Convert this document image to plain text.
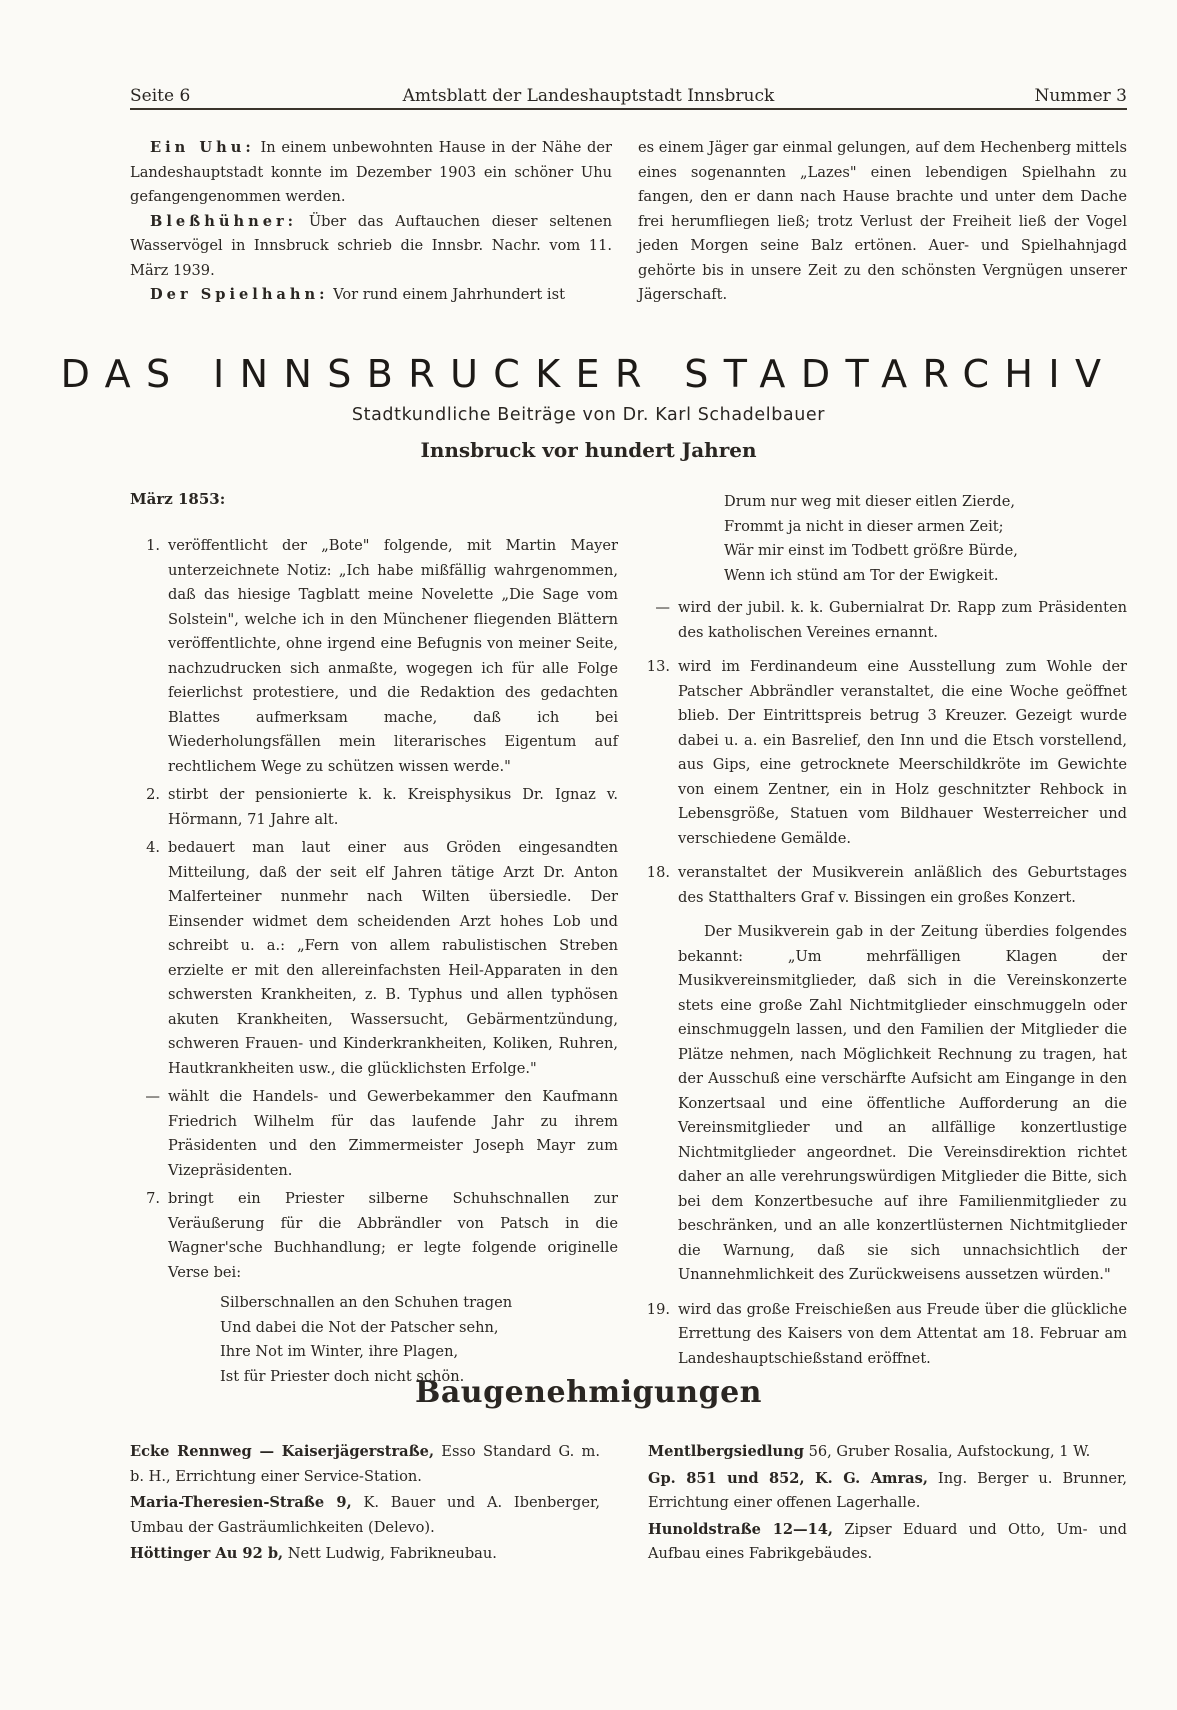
Seite 6	Amtsblatt der Landeshauptstadt Innsbruck	Nummer 3

Ein Uhu: In einem unbewohnten Hause in der Nähe der Landeshauptstadt konnte im Dezember 1903 ein schöner Uhu gefangengenommen werden.

Bleßhühner: Über das Auftauchen dieser seltenen Wasservögel in Innsbruck schrieb die Innsbr. Nachr. vom 11. März 1939.

Der Spielhahn: Vor rund einem Jahrhundert ist

es einem Jäger gar einmal gelungen, auf dem Hechenberg mittels eines sogenannten „Lazes" einen lebendigen Spielhahn zu fangen, den er dann nach Hause brachte und unter dem Dache frei herumfliegen ließ; trotz Verlust der Freiheit ließ der Vogel jeden Morgen seine Balz ertönen. Auer- und Spielhahnjagd gehörte bis in unsere Zeit zu den schönsten Vergnügen unserer Jägerschaft.

DAS INNSBRUCKER STADTARCHIV
Stadtkundliche Beiträge von Dr. Karl Schadelbauer
Innsbruck vor hundert Jahren
März 1853:
1. veröffentlicht der „Bote" folgende, mit Martin Mayer unterzeichnete Notiz: „Ich habe mißfällig wahrgenommen, daß das hiesige Tagblatt meine Novelette „Die Sage vom Solstein", welche ich in den Münchener fliegenden Blättern veröffentlichte, ohne irgend eine Befugnis von meiner Seite, nachzudrucken sich anmaßte, wogegen ich für alle Folge feierlichst protestiere, und die Redaktion des gedachten Blattes aufmerksam mache, daß ich bei Wiederholungsfällen mein literarisches Eigentum auf rechtlichem Wege zu schützen wissen werde."
2. stirbt der pensionierte k. k. Kreisphysikus Dr. Ignaz v. Hörmann, 71 Jahre alt.
4. bedauert man laut einer aus Gröden eingesandten Mitteilung, daß der seit elf Jahren tätige Arzt Dr. Anton Malferteiner nunmehr nach Wilten übersiedle. Der Einsender widmet dem scheidenden Arzt hohes Lob und schreibt u. a.: „Fern von allem rabulistischen Streben erzielte er mit den allereinfachsten Heil-Apparaten in den schwersten Krankheiten, z. B. Typhus und allen typhösen akuten Krankheiten, Wassersucht, Gebärmentzündung, schweren Frauen- und Kinderkrankheiten, Koliken, Ruhren, Hautkrankheiten usw., die glücklichsten Erfolge."
— wählt die Handels- und Gewerbekammer den Kaufmann Friedrich Wilhelm für das laufende Jahr zu ihrem Präsidenten und den Zimmermeister Joseph Mayr zum Vizepräsidenten.
7. bringt ein Priester silberne Schuhschnallen zur Veräußerung für die Abbrändler von Patsch in die Wagner'sche Buchhandlung; er legte folgende originelle Verse bei:
Silberschnallen an den Schuhen tragen
Und dabei die Not der Patscher sehn,
Ihre Not im Winter, ihre Plagen,
Ist für Priester doch nicht schön.
Drum nur weg mit dieser eitlen Zierde,
Frommt ja nicht in dieser armen Zeit;
Wär mir einst im Todbett größre Bürde,
Wenn ich stünd am Tor der Ewigkeit.
— wird der jubil. k. k. Gubernialrat Dr. Rapp zum Präsidenten des katholischen Vereines ernannt.
13. wird im Ferdinandeum eine Ausstellung zum Wohle der Patscher Abbrändler veranstaltet, die eine Woche geöffnet blieb. Der Eintrittspreis betrug 3 Kreuzer. Gezeigt wurde dabei u. a. ein Basrelief, den Inn und die Etsch vorstellend, aus Gips, eine getrocknete Meerschildkröte im Gewichte von einem Zentner, ein in Holz geschnitzter Rehbock in Lebensgröße, Statuen vom Bildhauer Westerreicher und verschiedene Gemälde.
18. veranstaltet der Musikverein anläßlich des Geburtstages des Statthalters Graf v. Bissingen ein großes Konzert.

Der Musikverein gab in der Zeitung überdies folgendes bekannt: „Um mehrfälligen Klagen der Musikvereinsmitglieder, daß sich in die Vereinskonzerte stets eine große Zahl Nichtmitglieder einschmuggeln oder einschmuggeln lassen, und den Familien der Mitglieder die Plätze nehmen, nach Möglichkeit Rechnung zu tragen, hat der Ausschuß eine verschärfte Aufsicht am Eingange in den Konzertsaal und eine öffentliche Aufforderung an die Vereinsmitglieder und an allfällige konzertlustige Nichtmitglieder angeordnet. Die Vereinsdirektion richtet daher an alle verehrungswürdigen Mitglieder die Bitte, sich bei dem Konzertbesuche auf ihre Familienmitglieder zu beschränken, und an alle konzertlüsternen Nichtmitglieder die Warnung, daß sie sich unnachsichtlich der Unannehmlichkeit des Zurückweisens aussetzen würden."

19. wird das große Freischießen aus Freude über die glückliche Errettung des Kaisers von dem Attentat am 18. Februar am Landeshauptschießstand eröffnet.
Baugenehmigungen

Ecke Rennweg — Kaiserjägerstraße, Esso Standard G. m. b. H., Errichtung einer Service-Station.

Maria-Theresien-Straße 9, K. Bauer und A. Ibenberger, Umbau der Gasträumlichkeiten (Delevo).

Höttinger Au 92 b, Nett Ludwig, Fabrikneubau.

Mentlbergsiedlung 56, Gruber Rosalia, Aufstockung, 1 W.

Gp. 851 und 852, K. G. Amras, Ing. Berger u. Brunner, Errichtung einer offenen Lagerhalle.

Hunoldstraße 12—14, Zipser Eduard und Otto, Um- und Aufbau eines Fabrikgebäudes.
